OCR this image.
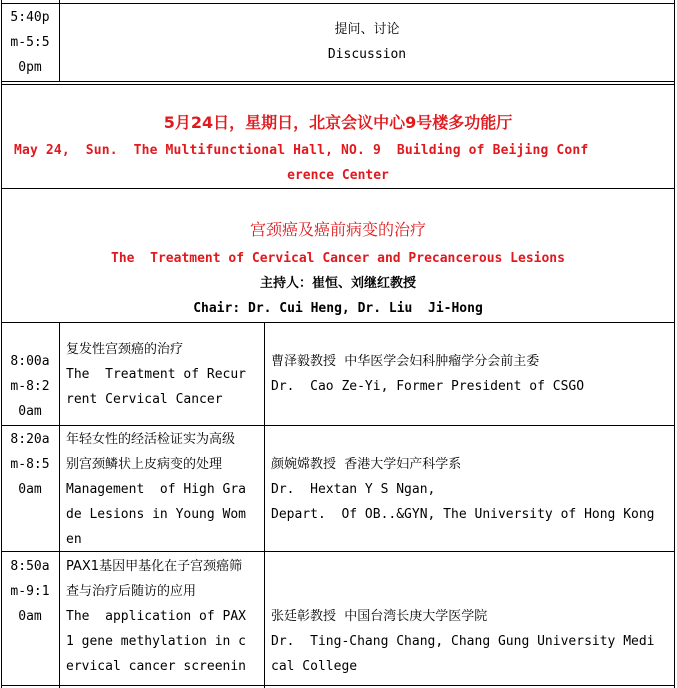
5:40p
m-5:5
0pm
提问、讨论
Discussion
5月24日，星期日，北京会议中心9号楼多功能厅
May 24,  Sun.  The Multifunctional Hall, NO. 9  Building of Beijing Conf
erence Center
宫颈癌及癌前病变的治疗
The  Treatment of Cervical Cancer and Precancerous Lesions
主持人：崔恒、刘继红教授
Chair: Dr. Cui Heng, Dr. Liu  Ji-Hong
8:00a
m-8:2
0am
复发性宫颈癌的治疗
The  Treatment of Recur
rent Cervical Cancer
曹泽毅教授  中华医学会妇科肿瘤学分会前主委
Dr.  Cao Ze-Yi, Former President of CSGO
8:20a
m-8:5
0am
年轻女性的经活检证实为高级
别宫颈鳞状上皮病变的处理
Management  of High Gra
de Lesions in Young Wom
en
颜婉嫦教授  香港大学妇产科学系
Dr.  Hextan Y S Ngan,
Depart.  Of OB..&GYN, The University of Hong Kong
8:50a
m-9:1
0am
PAX1基因甲基化在子宫颈癌筛
查与治疗后随访的应用
The  application of PAX
1 gene methylation in c
ervical cancer screenin
张廷彰教授  中国台湾长庚大学医学院
Dr.  Ting-Chang Chang, Chang Gung University Medi
cal College
